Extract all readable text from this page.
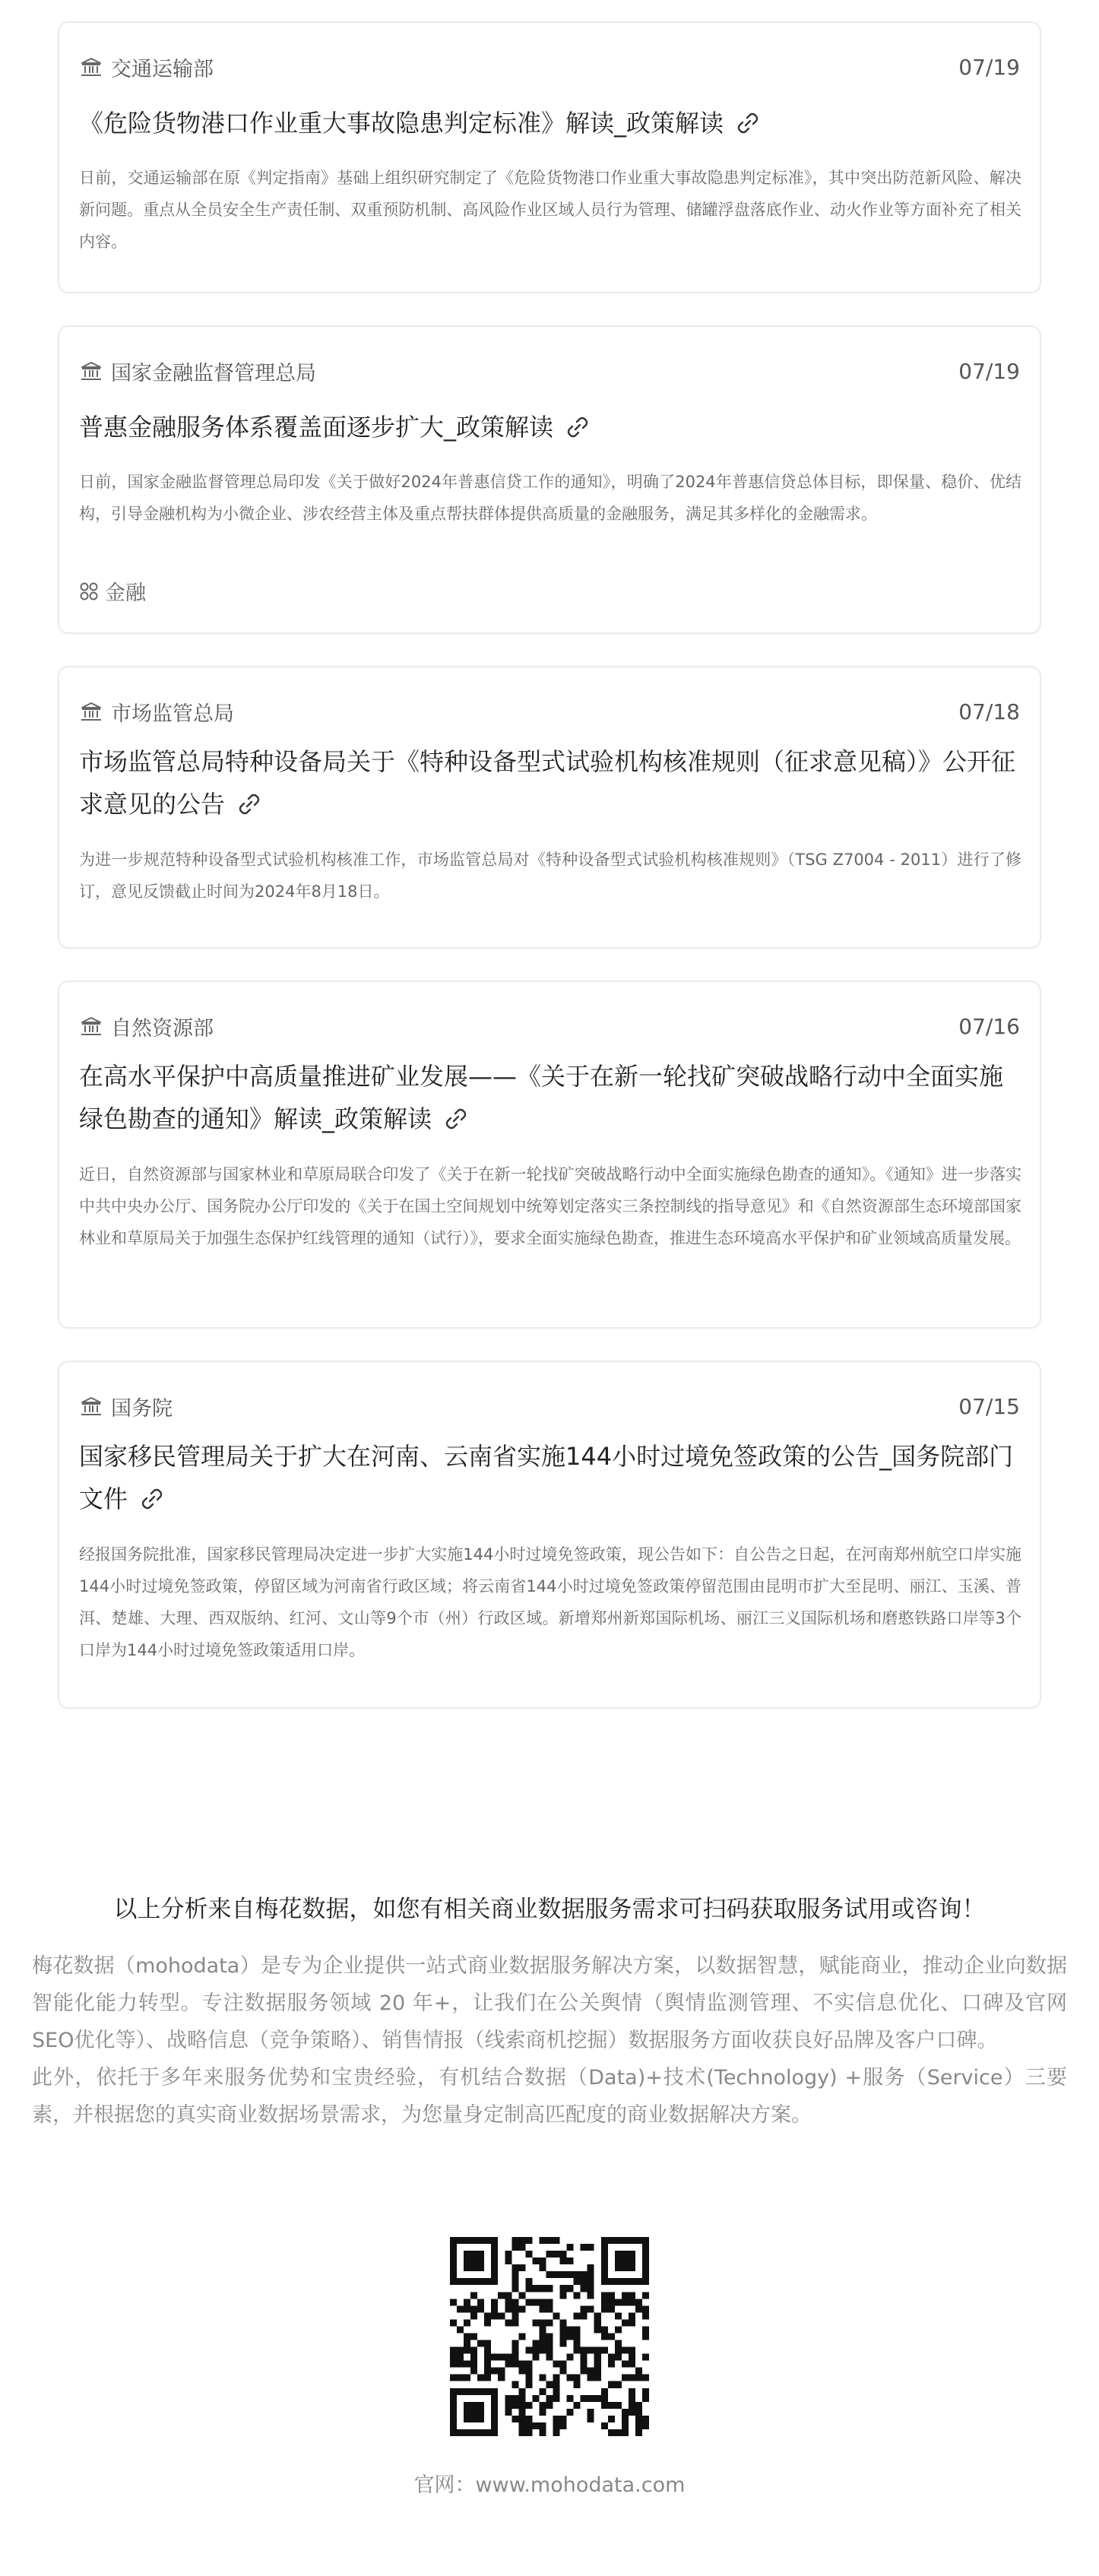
交通运输部	07/19
《危险货物港口作业重大事故隐患判定标准》解读_政策解读
日前，交通运输部在原《判定指南》基础上组织研究制定了《危险货物港口作业重大事故隐患判定标准》，其中突出防范新风险、解决新问题。重点从全员安全生产责任制、双重预防机制、高风险作业区域人员行为管理、储罐浮盘落底作业、动火作业等方面补充了相关内容。
国家金融监督管理总局	07/19
普惠金融服务体系覆盖面逐步扩大_政策解读
日前，国家金融监督管理总局印发《关于做好2024年普惠信贷工作的通知》，明确了2024年普惠信贷总体目标，即保量、稳价、优结构，引导金融机构为小微企业、涉农经营主体及重点帮扶群体提供高质量的金融服务，满足其多样化的金融需求。
金融
市场监管总局	07/18
市场监管总局特种设备局关于《特种设备型式试验机构核准规则（征求意见稿）》公开征求意见的公告
为进一步规范特种设备型式试验机构核准工作，市场监管总局对《特种设备型式试验机构核准规则》（TSG Z7004 - 2011）进行了修订，意见反馈截止时间为2024年8月18日。
自然资源部	07/16
在高水平保护中高质量推进矿业发展——《关于在新一轮找矿突破战略行动中全面实施绿色勘查的通知》解读_政策解读
近日，自然资源部与国家林业和草原局联合印发了《关于在新一轮找矿突破战略行动中全面实施绿色勘查的通知》。《通知》进一步落实中共中央办公厅、国务院办公厅印发的《关于在国土空间规划中统筹划定落实三条控制线的指导意见》和《自然资源部生态环境部国家林业和草原局关于加强生态保护红线管理的通知（试行）》，要求全面实施绿色勘查，推进生态环境高水平保护和矿业领域高质量发展。
国务院	07/15
国家移民管理局关于扩大在河南、云南省实施144小时过境免签政策的公告_国务院部门文件
经报国务院批准，国家移民管理局决定进一步扩大实施144小时过境免签政策，现公告如下：自公告之日起，在河南郑州航空口岸实施144小时过境免签政策，停留区域为河南省行政区域；将云南省144小时过境免签政策停留范围由昆明市扩大至昆明、丽江、玉溪、普洱、楚雄、大理、西双版纳、红河、文山等9个市（州）行政区域。新增郑州新郑国际机场、丽江三义国际机场和磨憨铁路口岸等3个口岸为144小时过境免签政策适用口岸。
以上分析来自梅花数据，如您有相关商业数据服务需求可扫码获取服务试用或咨询！

梅花数据（mohodata）是专为企业提供一站式商业数据服务解决方案，以数据智慧，赋能商业，推动企业向数据智能化能力转型。专注数据服务领域 20 年+，让我们在公关舆情（舆情监测管理、不实信息优化、口碑及官网SEO优化等）、战略信息（竞争策略）、销售情报（线索商机挖掘）数据服务方面收获良好品牌及客户口碑。

此外，依托于多年来服务优势和宝贵经验，有机结合数据（Data)+技术(Technology) +服务（Service）三要素，并根据您的真实商业数据场景需求，为您量身定制高匹配度的商业数据解决方案。

官网：www.mohodata.com
